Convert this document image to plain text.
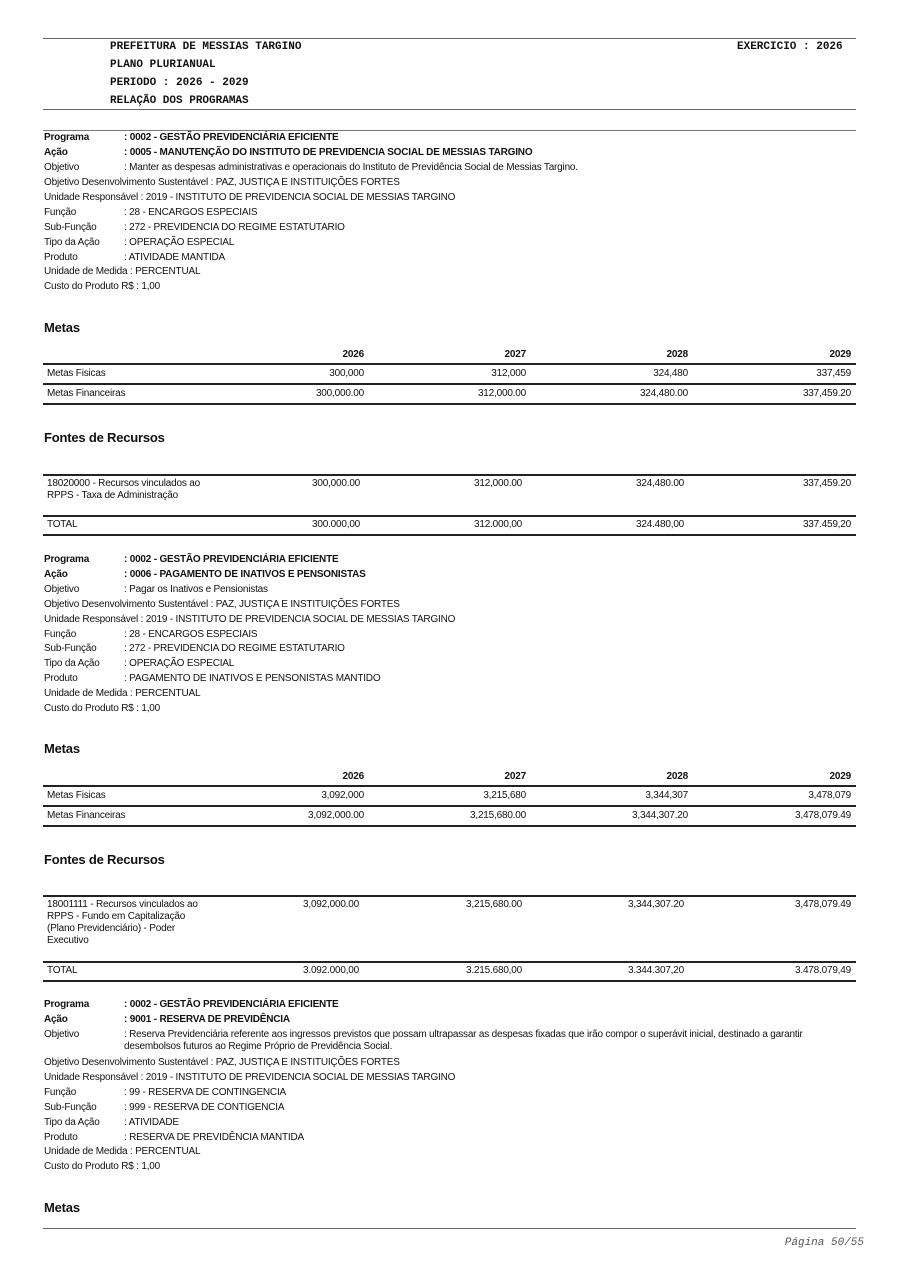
PREFEITURA DE MESSIAS TARGINO
PLANO PLURIANUAL
PERIODO : 2026 - 2029
RELAÇÃO DOS PROGRAMAS
EXERCICIO : 2026
Programa	: 0002 - GESTÃO PREVIDENCIÁRIA EFICIENTE
Ação	: 0005 - MANUTENÇÃO DO INSTITUTO DE PREVIDENCIA SOCIAL DE MESSIAS TARGINO
Objetivo	: Manter as despesas administrativas e operacionais do Instituto de Previdência Social de Messias Targino.
Objetivo Desenvolvimento Sustentável : PAZ, JUSTIÇA E INSTITUIÇÕES FORTES
Unidade Responsável : 2019 - INSTITUTO DE PREVIDENCIA SOCIAL DE MESSIAS TARGINO
Função	: 28 - ENCARGOS ESPECIAIS
Sub-Função	: 272 - PREVIDENCIA DO REGIME ESTATUTARIO
Tipo da Ação : OPERAÇÃO ESPECIAL
Produto	: ATIVIDADE MANTIDA
Unidade de Medida : PERCENTUAL
Custo do Produto R$ : 1,00
Metas
2026	2027	2028	2029
Metas Fisicas	300,000	312,000	324,480	337,459
Metas Financeiras	300,000.00	312,000.00	324,480.00	337,459.20
Fontes de Recursos
18020000 - Recursos vinculados ao RPPS - Taxa de Administração
300,000.00	312,000.00	324,480.00	337,459.20
TOTAL	300.000,00	312.000,00	324.480,00	337.459,20
Programa	: 0002 - GESTÃO PREVIDENCIÁRIA EFICIENTE
Ação	: 0006 - PAGAMENTO DE INATIVOS E PENSONISTAS
Objetivo	: Pagar os Inativos e Pensionistas
Objetivo Desenvolvimento Sustentável : PAZ, JUSTIÇA E INSTITUIÇÕES FORTES
Unidade Responsável : 2019 - INSTITUTO DE PREVIDENCIA SOCIAL DE MESSIAS TARGINO
Função	: 28 - ENCARGOS ESPECIAIS
Sub-Função	: 272 - PREVIDENCIA DO REGIME ESTATUTARIO
Tipo da Ação : OPERAÇÃO ESPECIAL
Produto	: PAGAMENTO DE INATIVOS E PENSONISTAS MANTIDO
Unidade de Medida : PERCENTUAL
Custo do Produto R$ : 1,00
Metas
2026	2027	2028	2029
Metas Fisicas	3,092,000	3,215,680	3,344,307	3,478,079
Metas Financeiras	3,092,000.00	3,215,680.00	3,344,307.20	3,478,079.49
Fontes de Recursos
18001111 - Recursos vinculados ao RPPS - Fundo em Capitalização (Plano Previdenciário) - Poder Executivo
3,092,000.00	3,215,680.00	3,344,307.20	3,478,079.49
TOTAL	3.092.000,00	3.215.680,00	3.344.307,20	3.478.079,49
Programa	: 0002 - GESTÃO PREVIDENCIÁRIA EFICIENTE
Ação	: 9001 - RESERVA DE PREVIDÊNCIA
Objetivo	: Reserva Previdenciária referente aos ingressos previstos que possam ultrapassar as despesas fixadas que irão compor o superávit inicial, destinado a garantir desembolsos futuros ao Regime Próprio de Previdência Social.
Objetivo Desenvolvimento Sustentável : PAZ, JUSTIÇA E INSTITUIÇÕES FORTES
Unidade Responsável : 2019 - INSTITUTO DE PREVIDENCIA SOCIAL DE MESSIAS TARGINO
Função	: 99 - RESERVA DE CONTINGENCIA
Sub-Função	: 999 - RESERVA DE CONTIGENCIA
Tipo da Ação : ATIVIDADE
Produto	: RESERVA DE PREVIDÊNCIA MANTIDA
Unidade de Medida : PERCENTUAL
Custo do Produto R$ : 1,00
Metas
Página 50/55
